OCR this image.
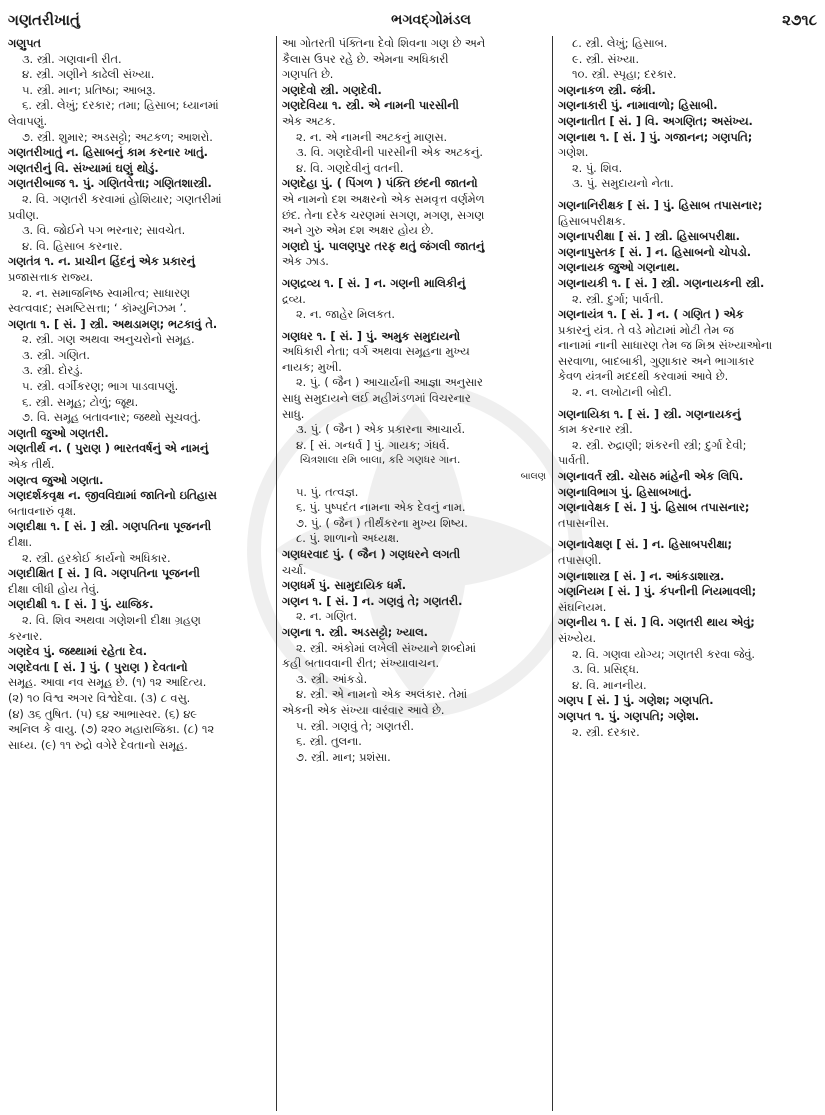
ગણતરીખાતું	ભગવદ્ગોમંડલ	૨૭૧૮
ગણુપત
૩. સ્ત્રી. ગણવાની રીત.
૪. સ્ત્રી. ગણીને કાઢેલી સંખ્યા.
૫. સ્ત્રી. માન; પ્રતિષ્ઠા; આબરૂ.
૬. સ્ત્રી. લેખું; દરકાર; તમા; હિસાબ; ધ્યાનમાં
લેવાપણું.
૭. સ્ત્રી. શુમાર; અડસટ્ટો; અટકળ; આશરો.
ગણતરીખાતું ન. હિસાબનું કામ કરનાર ખાતું.
ગણતરીનું વિ. સંખ્યામાં ઘણું થોડું.
ગણતરીબાજ ૧. પું. ગણિતવેત્તા; ગણિતશાસ્ત્રી.
૨. વિ. ગણતરી કરવામાં હોશિયાર; ગણતરીમાં
પ્રવીણ.
૩. વિ. જોઈને પગ ભરનાર; સાવચેત.
૪. વિ. હિસાબ કરનાર.
ગણતંત્ર ૧. ન. પ્રાચીન હિંદનું એક પ્રકારનું
પ્રજાસત્તાક રાજ્ય.
૨. ન. સમાજનિષ્ઠ સ્વામીત્વ; સાધારણ
સ્વત્વવાદ; સમષ્ટિસત્તા; ‘ કૉમ્યુનિઝમ ’.
ગણતા ૧. [ સં. ] સ્ત્રી. અથડામણ; ભટકાવું તે.
૨. સ્ત્રી. ગણ અથવા અનુચરોનો સમૂહ.
૩. સ્ત્રી. ગણિત.
૩. સ્ત્રી. દોરડું.
૫. સ્ત્રી. વર્ગીકરણ; ભાગ પાડવાપણું.
૬. સ્ત્રી. સમૂહ; ટોળું; જૂથ.
૭. વિ. સમૂહ બતાવનાર; જથ્થો સૂચવતું.
ગણતી જુઓ ગણતરી.
ગણતીર્થ ન. ( પુરાણ ) ભારતવર્ષનું એ નામનું
એક તીર્થ.
ગણત્વ જુઓ ગણતા.
ગણદર્શકવૃક્ષ ન. જીવવિદ્યામાં જાતિનો ઇતિહાસ
બતાવનારું વૃક્ષ.
ગણદીક્ષા ૧. [ સં. ] સ્ત્રી. ગણપતિના પૂજનની
દીક્ષા.
૨. સ્ત્રી. હરકોઈ કાર્યનો અધિકાર.
ગણદીક્ષિત [ સં. ] વિ. ગણપતિના પૂજનની
દીક્ષા લીધી હોય તેવું.
ગણદીક્ષી ૧. [ સં. ] પું. યાજિક.
૨. વિ. શિવ અથવા ગણેશની દીક્ષા ગ્રહણ
કરનાર.
ગણદેવ પું. જથ્થામાં રહેતા દેવ.
ગણદેવતા [ સં. ] પું. ( પુરાણ ) દેવતાનો
સમૂહ. આવા નવ સમૂહ છે. (૧) ૧૨ આદિત્ય.
(૨) ૧૦ વિશ્વ અગર વિશ્વેદેવા. (૩) ૮ વસુ.
(૪) ૩૬ તુષિત. (૫) ૬૪ આભાસ્વર. (૬) ૪૯
અનિલ કે વાયુ. (૭) ૨૨૦ મહારાજિકા. (૮) ૧૨
સાધ્ય. (૯) ૧૧ રુદ્રો વગેરે દેવતાનો સમૂહ.
આ ગોતરતી પંક્તિના દેવો શિવના ગણ છે અને
કૈલાસ ઉપર રહે છે. એમના અધિકારી
ગણપતિ છે.
ગણદેવો સ્ત્રી. ગણદેવી.
ગણદેવિયા ૧. સ્ત્રી. એ નામની પારસીની
એક અટક.
૨. ન. એ નામની અટકનું માણસ.
૩. વિ. ગણદેવીની પારસીની એક અટકનું.
૪. વિ. ગણદેવીનું વતની.
ગણદેહા પું. ( પિંગળ ) પંક્તિ છંદની જાતનો
એ નામનો દશ અક્ષરનો એક સમવૃત્ત વર્ણમેળ
છંદ. તેના દરેક ચરણમાં સગણ, મગણ, સગણ
અને ગુરુ એમ દશ અક્ષર હોય છે.
ગણદો પું. પાલણપુર તરફ થતું જંગલી જાતનું
એક ઝાડ.
ગણદ્રવ્ય ૧. [ સં. ] ન. ગણની માલિકીનું
દ્રવ્ય.
૨. ન. જાહેર મિલકત.
ગણધર ૧. [ સં. ] પું. અમુક સમુદાયનો
અધિકારી નેતા; વર્ગ અથવા સમૂહના મુખ્ય
નાયક; મુખી.
૨. પું. ( જૈન ) આચાર્યની આજ્ઞા અનુસાર
સાધુ સમુદાયને લઈ મહીમંડળમાં વિચરનાર
સાધુ.
૩. પું. ( જૈન ) એક પ્રકારના આચાર્ય.
૪. [ સં. ગન્ધર્વ ] પું. ગાયક; ગંધર્વ.
ચિત્રશાલા રમિ બાલા, કરિ ગણધર ગાન.
બાલણ
૫. પું. તત્વજ્ઞ.
૬. પું. પુષ્પદંત નામના એક દેવનું નામ.
૭. પું. ( જૈન ) તીર્થંકરના મુખ્ય શિષ્ય.
૮. પું. શાળાનો અધ્યક્ષ.
ગણધરવાદ પું. ( જૈન ) ગણધરને લગતી
ચર્ચા.
ગણધર્મ પું. સામુદાયિક ધર્મ.
ગણન ૧. [ સં. ] ન. ગણવું તે; ગણતરી.
૨. ન. ગણિત.
ગણના ૧. સ્ત્રી. અડસટ્ટો; ખ્યાલ.
૨. સ્ત્રી. અંકોમાં લખેલી સંખ્યાને શબ્દોમાં
કહી બતાવવાની રીત; સંખ્યાવાચન.
૩. સ્ત્રી. આંકડો.
૪. સ્ત્રી. એ નામનો એક અલંકાર. તેમાં
એકની એક સંખ્યા વારંવાર આવે છે.
૫. સ્ત્રી. ગણવું તે; ગણતરી.
૬. સ્ત્રી. તુલના.
૭. સ્ત્રી. માન; પ્રશંસા.
૮. સ્ત્રી. લેખું; હિસાબ.
૯. સ્ત્રી. સંખ્યા.
૧૦. સ્ત્રી. સ્પૃહા; દરકાર.
ગણનાકળ સ્ત્રી. જંત્રી.
ગણનાકારી પું. નામાવાળો; હિસાબી.
ગણનાતીત [ સં. ] વિ. અગણિત; અસંખ્ય.
ગણનાથ ૧. [ સં. ] પું. ગજાનન; ગણપતિ;
ગણેશ.
૨. પું. શિવ.
૩. પું. સમુદાયનો નેતા.
ગણનાનિરીક્ષક [ સં. ] પું. હિસાબ તપાસનાર;
હિસાબપરીક્ષક.
ગણનાપરીક્ષા [ સં. ] સ્ત્રી. હિસાબપરીક્ષા.
ગણનાપુસ્તક [ સં. ] ન. હિસાબનો ચોપડો.
ગણનાયક જુઓ ગણનાથ.
ગણનાયકી ૧. [ સં. ] સ્ત્રી. ગણનાયકની સ્ત્રી.
૨. સ્ત્રી. દુર્ગા; પાર્વતી.
ગણનાયંત્ર ૧. [ સં. ] ન. ( ગણિત ) એક
પ્રકારનું યંત્ર. તે વડે મોટામાં મોટી તેમ જ
નાનામાં નાની સાધારણ તેમ જ મિશ્ર સંખ્યાઓના
સરવાળા, બાદબાકી, ગુણાકાર અને ભાગાકાર
કેવળ યંત્રની મદદથી કરવામાં આવે છે.
૨. ન. લખોટાની બોદી.
ગણનાયિકા ૧. [ સં. ] સ્ત્રી. ગણનાયકનું
કામ કરનાર સ્ત્રી.
૨. સ્ત્રી. રુદ્રાણી; શંકરની સ્ત્રી; દુર્ગા દેવી;
પાર્વતી.
ગણનાવર્ત સ્ત્રી. ચોસઠ માંહેની એક લિપિ.
ગણનાવિભાગ પું. હિસાબખાતું.
ગણનાવેક્ષક [ સં. ] પું. હિસાબ તપાસનાર;
તપાસનીસ.
ગણનાવેક્ષણ [ સં. ] ન. હિસાબપરીક્ષા;
તપાસણી.
ગણનાશાસ્ત્ર [ સં. ] ન. આંકડાશાસ્ત્ર.
ગણનિયમ [ સં. ] પું. કંપનીની નિયમાવલી;
સંઘનિયમ.
ગણનીય ૧. [ સં. ] વિ. ગણતરી થાય એવું;
સંખ્યેય.
૨. વિ. ગણવા યોગ્ય; ગણતરી કરવા જેવું.
૩. વિ. પ્રસિદ્ધ.
૪. વિ. માનનીય.
ગણપ [ સં. ] પું. ગણેશ; ગણપતિ.
ગણપત ૧. પું. ગણપતિ; ગણેશ.
૨. સ્ત્રી. દરકાર.
